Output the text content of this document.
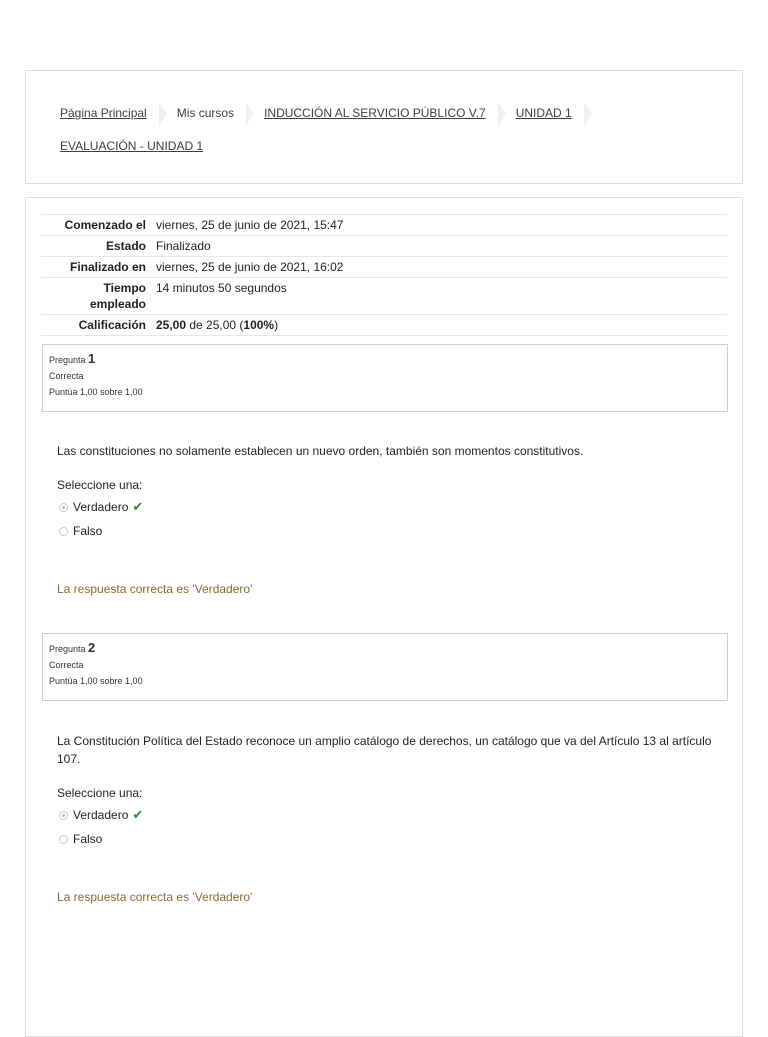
Página Principal	Mis cursos	INDUCCIÓN AL SERVICIO PÚBLICO V.7	UNIDAD 1
EVALUACIÓN - UNIDAD 1
Comenzado el	viernes, 25 de junio de 2021, 15:47
Estado	Finalizado
Finalizado en	viernes, 25 de junio de 2021, 16:02
Tiempo empleado	14 minutos 50 segundos
Calificación	25,00 de 25,00 (100%)
Pregunta 1
Correcta
Puntúa 1,00 sobre 1,00
Las constituciones no solamente establecen un nuevo orden, también son momentos constitutivos.
Seleccione una:
Verdadero ✔
Falso
La respuesta correcta es 'Verdadero'
Pregunta 2
Correcta
Puntúa 1,00 sobre 1,00
La Constitución Política del Estado reconoce un amplio catálogo de derechos, un catálogo que va del Artículo 13 al artículo 107.
Seleccione una:
Verdadero ✔
Falso
La respuesta correcta es 'Verdadero'
